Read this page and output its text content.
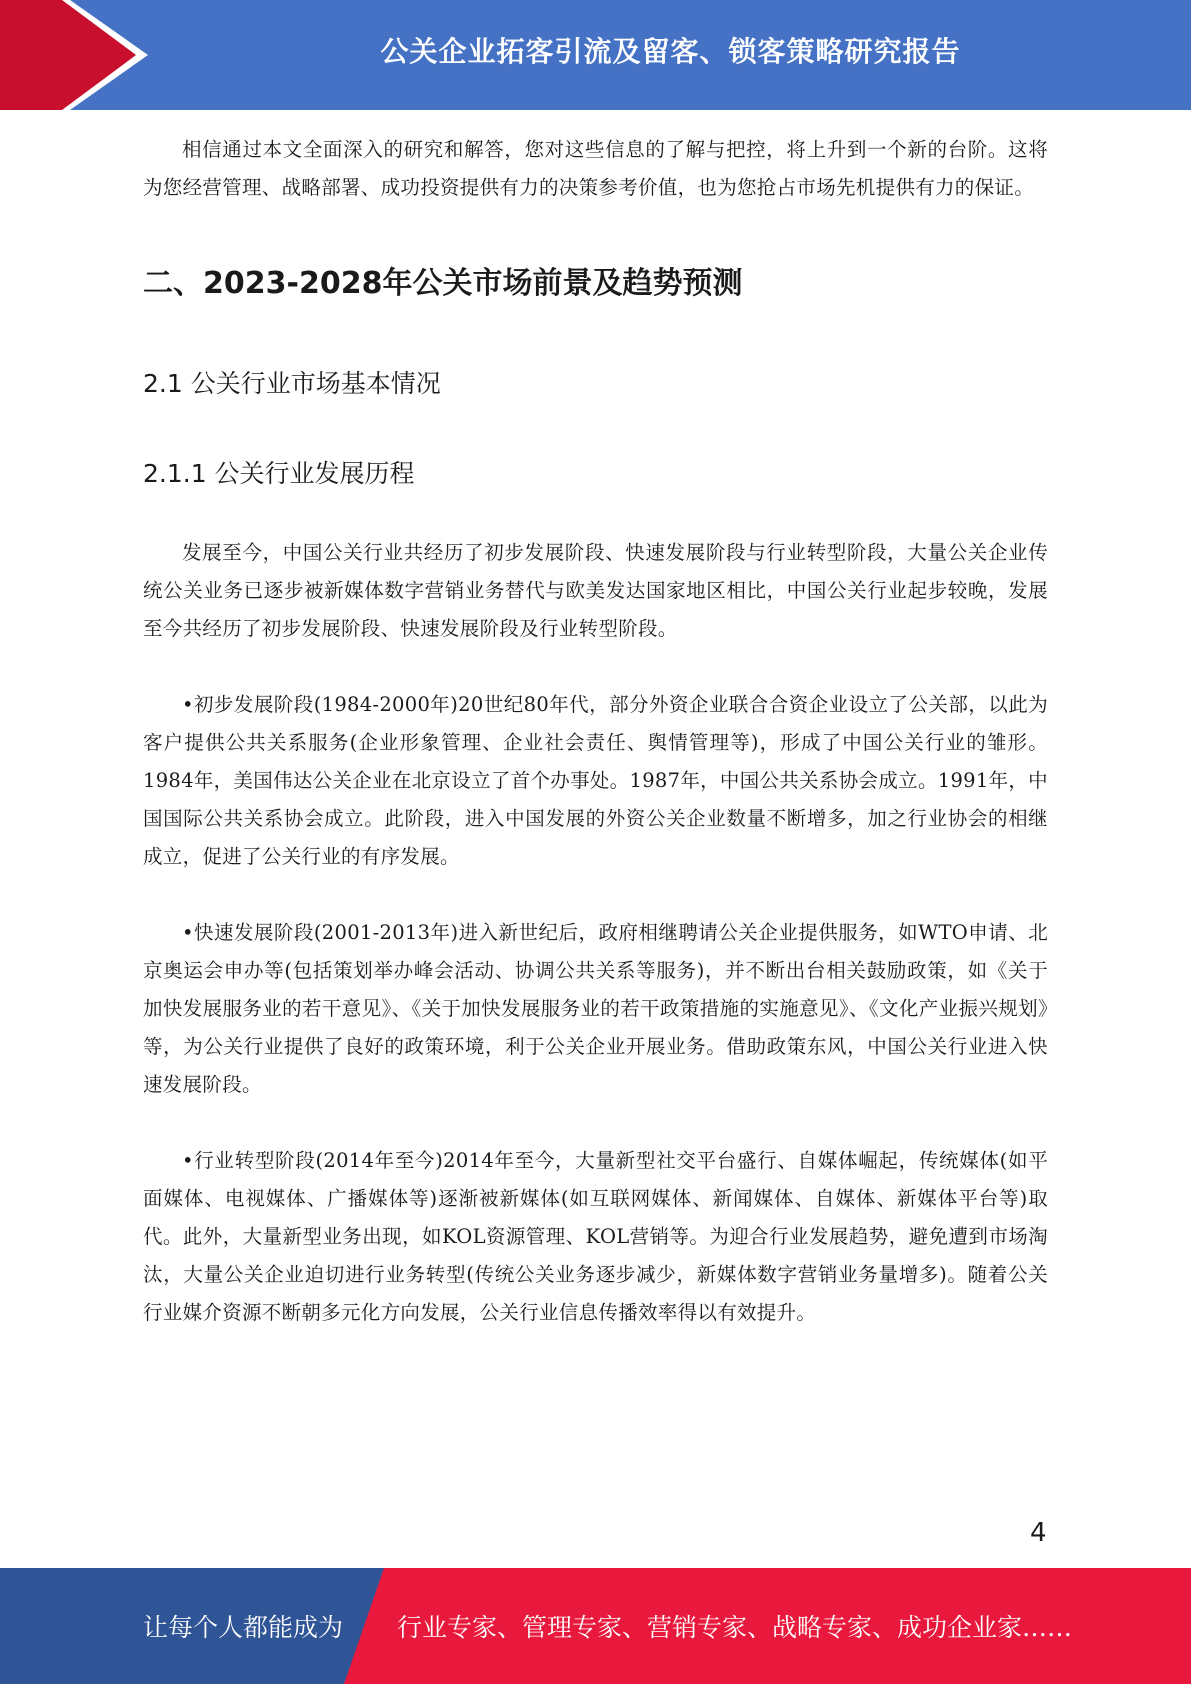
公关企业拓客引流及留客、锁客策略研究报告

相信通过本文全面深入的研究和解答，您对这些信息的了解与把控，将上升到一个新的台阶。这将为您经营管理、战略部署、成功投资提供有力的决策参考价值，也为您抢占市场先机提供有力的保证。

二、2023-2028年公关市场前景及趋势预测
2.1 公关行业市场基本情况
2.1.1 公关行业发展历程

发展至今，中国公关行业共经历了初步发展阶段、快速发展阶段与行业转型阶段，大量公关企业传统公关业务已逐步被新媒体数字营销业务替代与欧美发达国家地区相比，中国公关行业起步较晚，发展至今共经历了初步发展阶段、快速发展阶段及行业转型阶段。

•初步发展阶段(1984-2000年)20世纪80年代，部分外资企业联合合资企业设立了公关部，以此为客户提供公共关系服务(企业形象管理、企业社会责任、舆情管理等)，形成了中国公关行业的雏形。1984年，美国伟达公关企业在北京设立了首个办事处。1987年，中国公共关系协会成立。1991年，中国国际公共关系协会成立。此阶段，进入中国发展的外资公关企业数量不断增多，加之行业协会的相继成立，促进了公关行业的有序发展。

•快速发展阶段(2001-2013年)进入新世纪后，政府相继聘请公关企业提供服务，如WTO申请、北京奥运会申办等(包括策划举办峰会活动、协调公共关系等服务)，并不断出台相关鼓励政策，如《关于加快发展服务业的若干意见》、《关于加快发展服务业的若干政策措施的实施意见》、《文化产业振兴规划》等，为公关行业提供了良好的政策环境，利于公关企业开展业务。借助政策东风，中国公关行业进入快速发展阶段。

•行业转型阶段(2014年至今)2014年至今，大量新型社交平台盛行、自媒体崛起，传统媒体(如平面媒体、电视媒体、广播媒体等)逐渐被新媒体(如互联网媒体、新闻媒体、自媒体、新媒体平台等)取代。此外，大量新型业务出现，如KOL资源管理、KOL营销等。为迎合行业发展趋势，避免遭到市场淘汰，大量公关企业迫切进行业务转型(传统公关业务逐步减少，新媒体数字营销业务量增多)。随着公关行业媒介资源不断朝多元化方向发展，公关行业信息传播效率得以有效提升。

4
让每个人都能成为 行业专家、管理专家、营销专家、战略专家、成功企业家……
